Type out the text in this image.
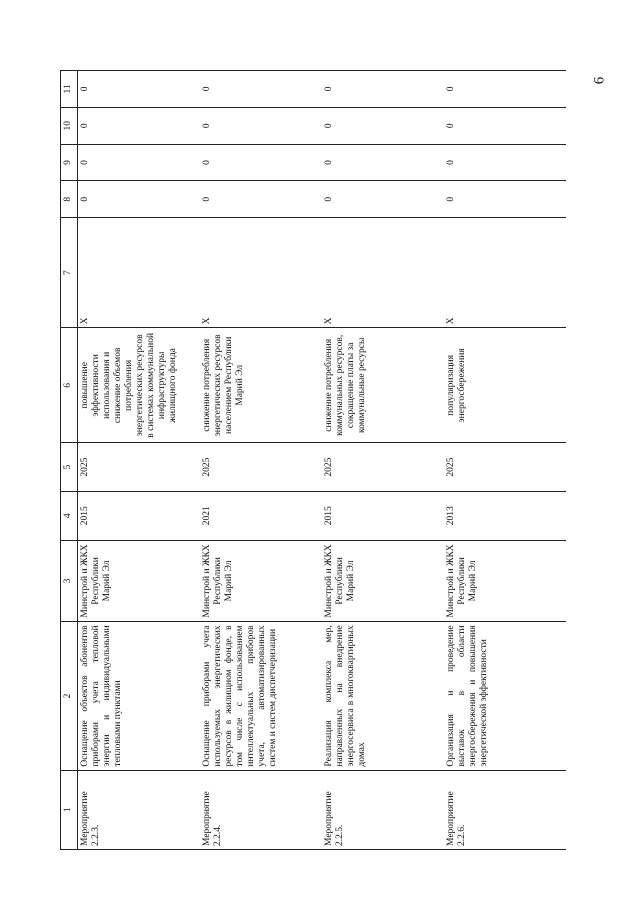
6
1	2	3	4	5	6	7	8	9	10	11
Мероприятие 2.2.3.	Оснащение объектов абонентов приборами учета тепловой энергии и индивидуальными тепловыми пунктами	Минстрой и ЖКХ Республики Марий Эл	2015	2025	повышение эффективности использования и снижение объемов потребления энергетических ресурсов в системах коммунальной инфраструктуры жилищного фонда	Х	0	0	0	0
Мероприятие 2.2.4.	Оснащение приборами учета используемых энергетических ресурсов в жилищном фонде, в том числе с использованием интеллектуальных приборов учета, автоматизированных систем и систем диспетчеризации	Минстрой и ЖКХ Республики Марий Эл	2021	2025	снижение потребления энергетических ресурсов населением Республики Марий Эл	Х	0	0	0	0
Мероприятие 2.2.5.	Реализация комплекса мер, направленных на внедрение энергосервиса в многоквартирных домах	Минстрой и ЖКХ Республики Марий Эл	2015	2025	снижение потребления коммунальных ресурсов, сокращение платы за коммунальные ресурсы	Х	0	0	0	0
Мероприятие 2.2.6.	Организация и проведение выставок в области энергосбережения и повышения энергетической эффективности	Минстрой и ЖКХ Республики Марий Эл	2013	2025	популяризация энергосбережения	Х	0	0	0	0
